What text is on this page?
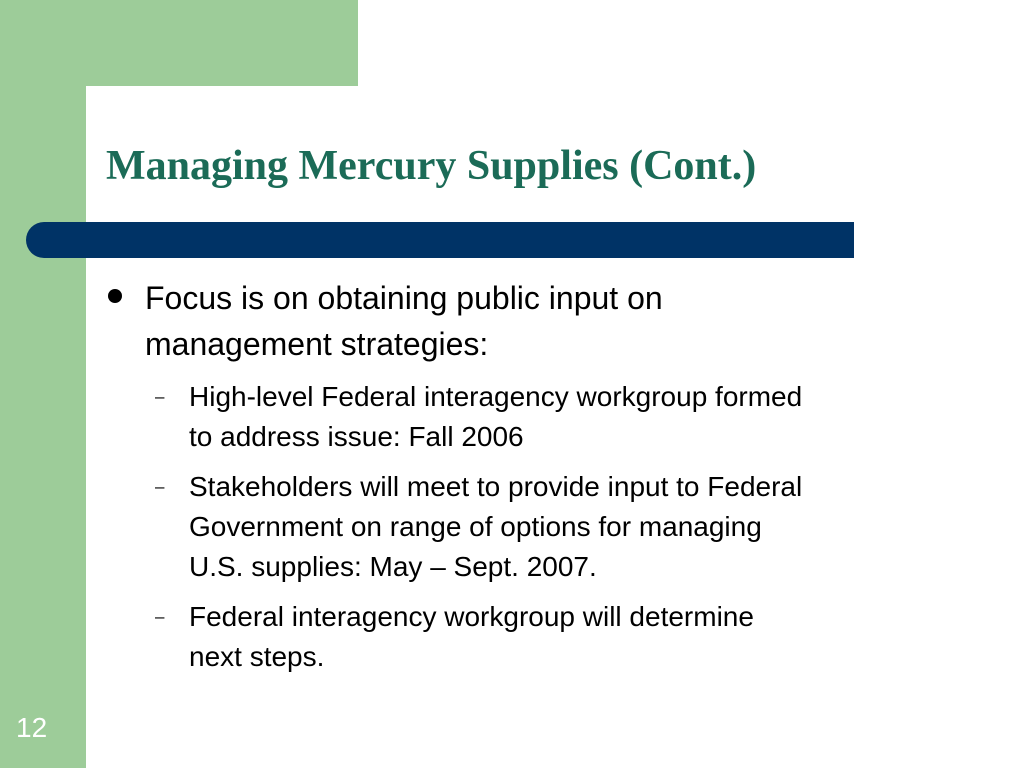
Managing Mercury Supplies (Cont.)

Focus is on obtaining public input on
management strategies:

– High-level Federal interagency workgroup formed
to address issue: Fall 2006

– Stakeholders will meet to provide input to Federal
Government on range of options for managing
U.S. supplies: May – Sept. 2007.

– Federal interagency workgroup will determine
next steps.

12
